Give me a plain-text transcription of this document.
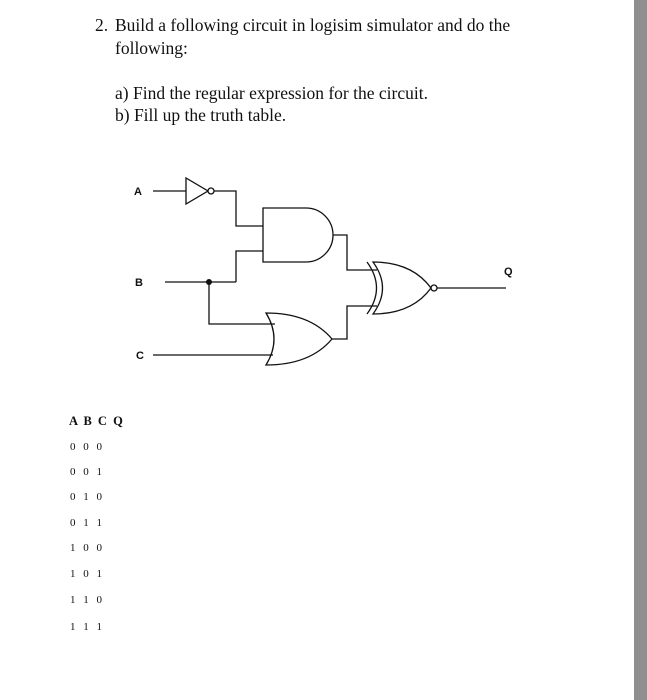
2. Build a following circuit in logisim simulator and do the
following:
a) Find the regular expression for the circuit.
b) Fill up the truth table.
A
B
C
Q
A B C Q
0 0 0
0 0 1
0 1 0
0 1 1
1 0 0
1 0 1
1 1 0
1 1 1
